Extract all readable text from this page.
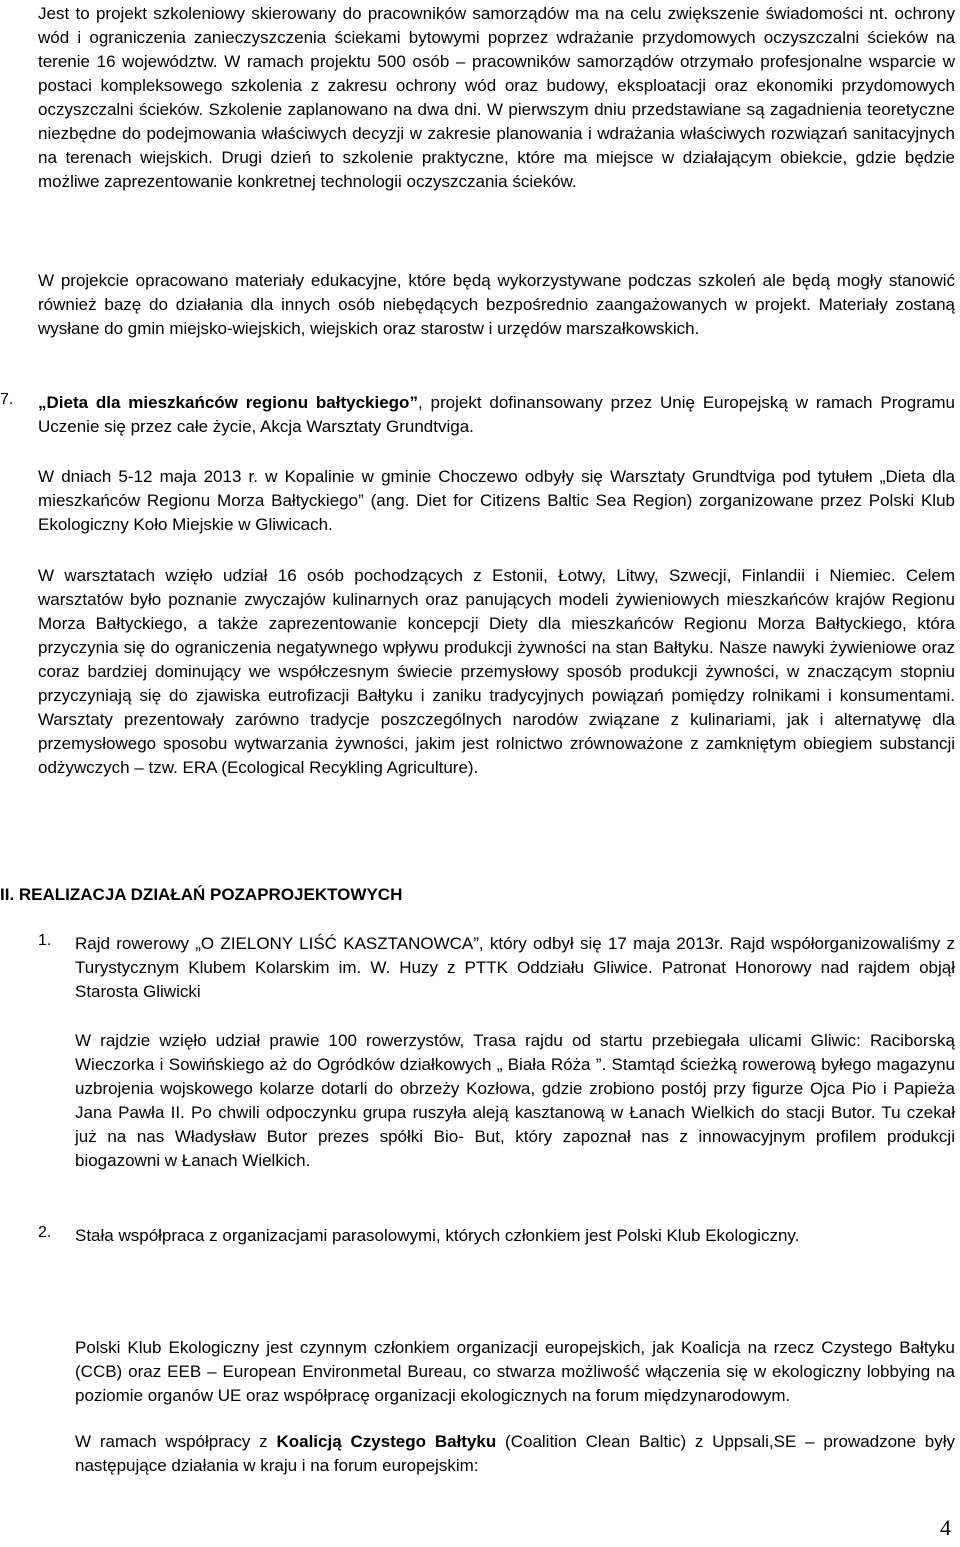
Jest to projekt szkoleniowy skierowany do pracowników samorządów ma na celu zwiększenie świadomości nt. ochrony wód i ograniczenia zanieczyszczenia ściekami bytowymi poprzez wdrażanie przydomowych oczyszczalni ścieków na terenie 16 województw. W ramach projektu 500 osób – pracowników samorządów otrzymało profesjonalne wsparcie w postaci kompleksowego szkolenia z zakresu ochrony wód oraz budowy, eksploatacji oraz ekonomiki przydomowych oczyszczalni ścieków. Szkolenie zaplanowano na dwa dni. W pierwszym dniu przedstawiane są zagadnienia teoretyczne niezbędne do podejmowania właściwych decyzji w zakresie planowania i wdrażania właściwych rozwiązań sanitacyjnych na terenach wiejskich. Drugi dzień to szkolenie praktyczne, które ma miejsce w działającym obiekcie, gdzie będzie możliwe zaprezentowanie konkretnej technologii oczyszczania ścieków.

W projekcie opracowano materiały edukacyjne, które będą wykorzystywane podczas szkoleń ale będą mogły stanowić również bazę do działania dla innych osób niebędących bezpośrednio zaangażowanych w projekt. Materiały zostaną wysłane do gmin miejsko-wiejskich, wiejskich oraz starostw i urzędów marszałkowskich.

7. „Dieta dla mieszkańców regionu bałtyckiego”, projekt dofinansowany przez Unię Europejską w ramach Programu Uczenie się przez całe życie, Akcja Warsztaty Grundtviga.

W dniach 5-12 maja 2013 r. w Kopalinie w gminie Choczewo odbyły się Warsztaty Grundtviga pod tytułem „Dieta dla mieszkańców Regionu Morza Bałtyckiego” (ang. Diet for Citizens Baltic Sea Region) zorganizowane przez Polski Klub Ekologiczny Koło Miejskie w Gliwicach.

W warsztatach wzięło udział 16 osób pochodzących z Estonii, Łotwy, Litwy, Szwecji, Finlandii i Niemiec. Celem warsztatów było poznanie zwyczajów kulinarnych oraz panujących modeli żywieniowych mieszkańców krajów Regionu Morza Bałtyckiego, a także zaprezentowanie koncepcji Diety dla mieszkańców Regionu Morza Bałtyckiego, która przyczynia się do ograniczenia negatywnego wpływu produkcji żywności na stan Bałtyku. Nasze nawyki żywieniowe oraz coraz bardziej dominujący we współczesnym świecie przemysłowy sposób produkcji żywności, w znaczącym stopniu przyczyniają się do zjawiska eutrofizacji Bałtyku i zaniku tradycyjnych powiązań pomiędzy rolnikami i konsumentami. Warsztaty prezentowały zarówno tradycje poszczególnych narodów związane z kulinariami, jak i alternatywę dla przemysłowego sposobu wytwarzania żywności, jakim jest rolnictwo zrównoważone z zamkniętym obiegiem substancji odżywczych – tzw. ERA (Ecological Recykling Agriculture).

II. REALIZACJA DZIAŁAŃ POZAPROJEKTOWYCH
1. Rajd rowerowy „O ZIELONY LIŚĆ KASZTANOWCA”, który odbył się 17 maja 2013r. Rajd współorganizowaliśmy z Turystycznym Klubem Kolarskim im. W. Huzy z PTTK Oddziału Gliwice. Patronat Honorowy nad rajdem objął Starosta Gliwicki

W rajdzie wzięło udział prawie 100 rowerzystów, Trasa rajdu od startu przebiegała ulicami Gliwic: Raciborską Wieczorka i Sowińskiego aż do Ogródków działkowych „ Biała Róża ”. Stamtąd ścieżką rowerową byłego magazynu uzbrojenia wojskowego kolarze dotarli do obrzeży Kozłowa, gdzie zrobiono postój przy figurze Ojca Pio i Papieża Jana Pawła II. Po chwili odpoczynku grupa ruszyła aleją kasztanową w Łanach Wielkich do stacji Butor. Tu czekał już na nas Władysław Butor prezes spółki Bio- But, który zapoznał nas z innowacyjnym profilem produkcji biogazowni w Łanach Wielkich.

2. Stała współpraca z organizacjami parasolowymi, których członkiem jest Polski Klub Ekologiczny.

Polski Klub Ekologiczny jest czynnym członkiem organizacji europejskich, jak Koalicja na rzecz Czystego Bałtyku (CCB) oraz EEB – European Environmetal Bureau, co stwarza możliwość włączenia się w ekologiczny lobbying na poziomie organów UE oraz współpracę organizacji ekologicznych na forum międzynarodowym.

W ramach współpracy z Koalicją Czystego Bałtyku (Coalition Clean Baltic) z Uppsali,SE – prowadzone były następujące działania w kraju i na forum europejskim:

4
